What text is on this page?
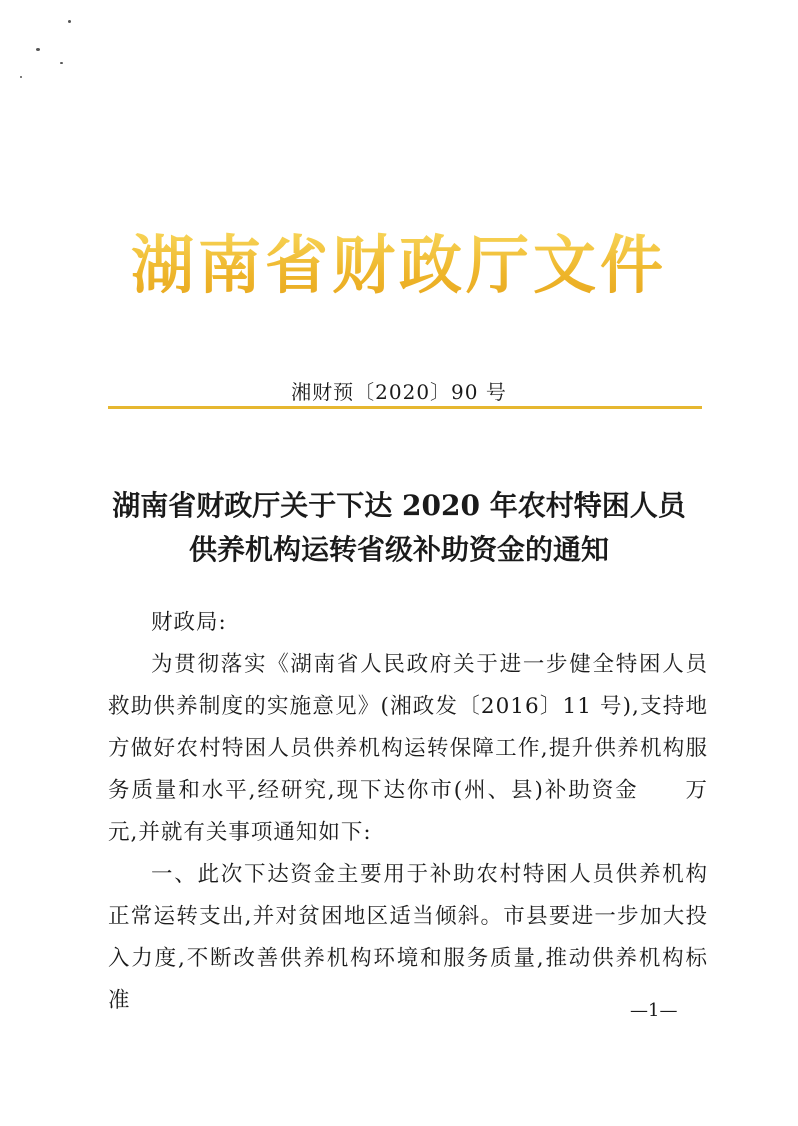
湖南省财政厅文件
湘财预〔2020〕90 号
湖南省财政厅关于下达 2020 年农村特困人员
供养机构运转省级补助资金的通知

财政局:

为贯彻落实《湖南省人民政府关于进一步健全特困人员救助供养制度的实施意见》(湘政发〔2016〕11 号),支持地方做好农村特困人员供养机构运转保障工作,提升供养机构服务质量和水平,经研究,现下达你市(州、县)补助资金　　万元,并就有关事项通知如下:

一、此次下达资金主要用于补助农村特困人员供养机构正常运转支出,并对贫困地区适当倾斜。市县要进一步加大投入力度,不断改善供养机构环境和服务质量,推动供养机构标准	—1—
